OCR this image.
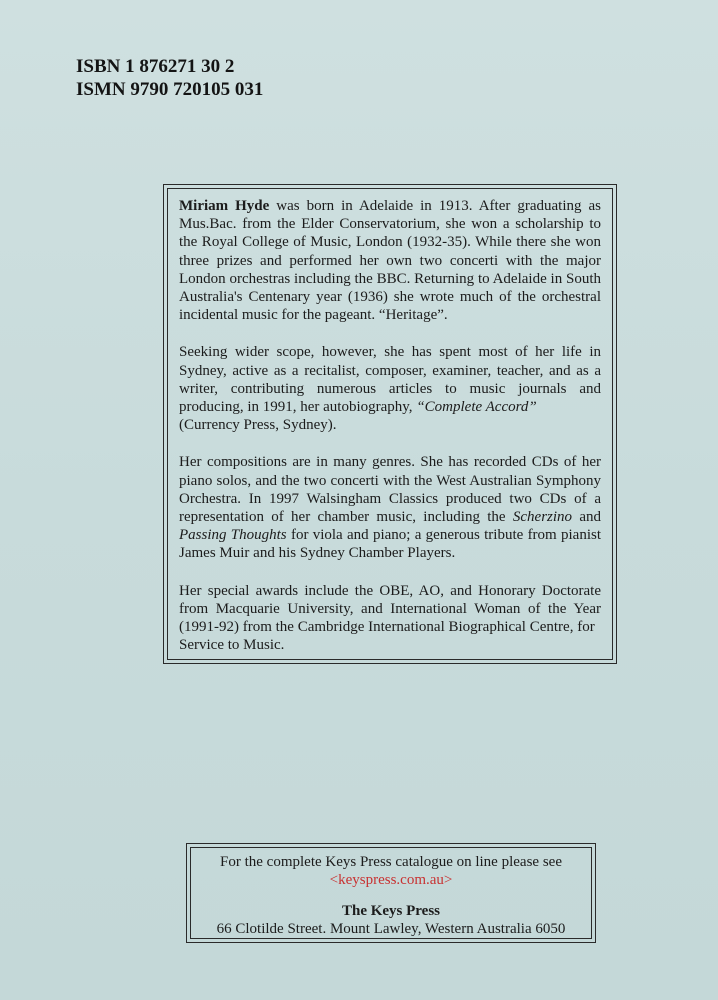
ISBN 1 876271 30 2
ISMN 9790 720105 031

Miriam Hyde was born in Adelaide in 1913. After graduating as Mus.Bac. from the Elder Conservatorium, she won a scholarship to the Royal College of Music, London (1932-35). While there she won three prizes and performed her own two concerti with the major London orchestras including the BBC. Returning to Adelaide in South Australia's Centenary year (1936) she wrote much of the orchestral incidental music for the pageant. “Heritage”.

Seeking wider scope, however, she has spent most of her life in Sydney, active as a recitalist, composer, examiner, teacher, and as a writer, contributing numerous articles to music journals and producing, in 1991, her autobiography, “Complete Accord”
(Currency Press, Sydney).

Her compositions are in many genres. She has recorded CDs of her piano solos, and the two concerti with the West Australian Symphony Orchestra. In 1997 Walsingham Classics produced two CDs of a representation of her chamber music, including the Scherzino and Passing Thoughts for viola and piano; a generous tribute from pianist James Muir and his Sydney Chamber Players.

Her special awards include the OBE, AO, and Honorary Doctorate from Macquarie University, and International Woman of the Year (1991-92) from the Cambridge International Biographical Centre, for
Service to Music.

For the complete Keys Press catalogue on line please see
<keyspress.com.au>
The Keys Press
66 Clotilde Street. Mount Lawley, Western Australia 6050
